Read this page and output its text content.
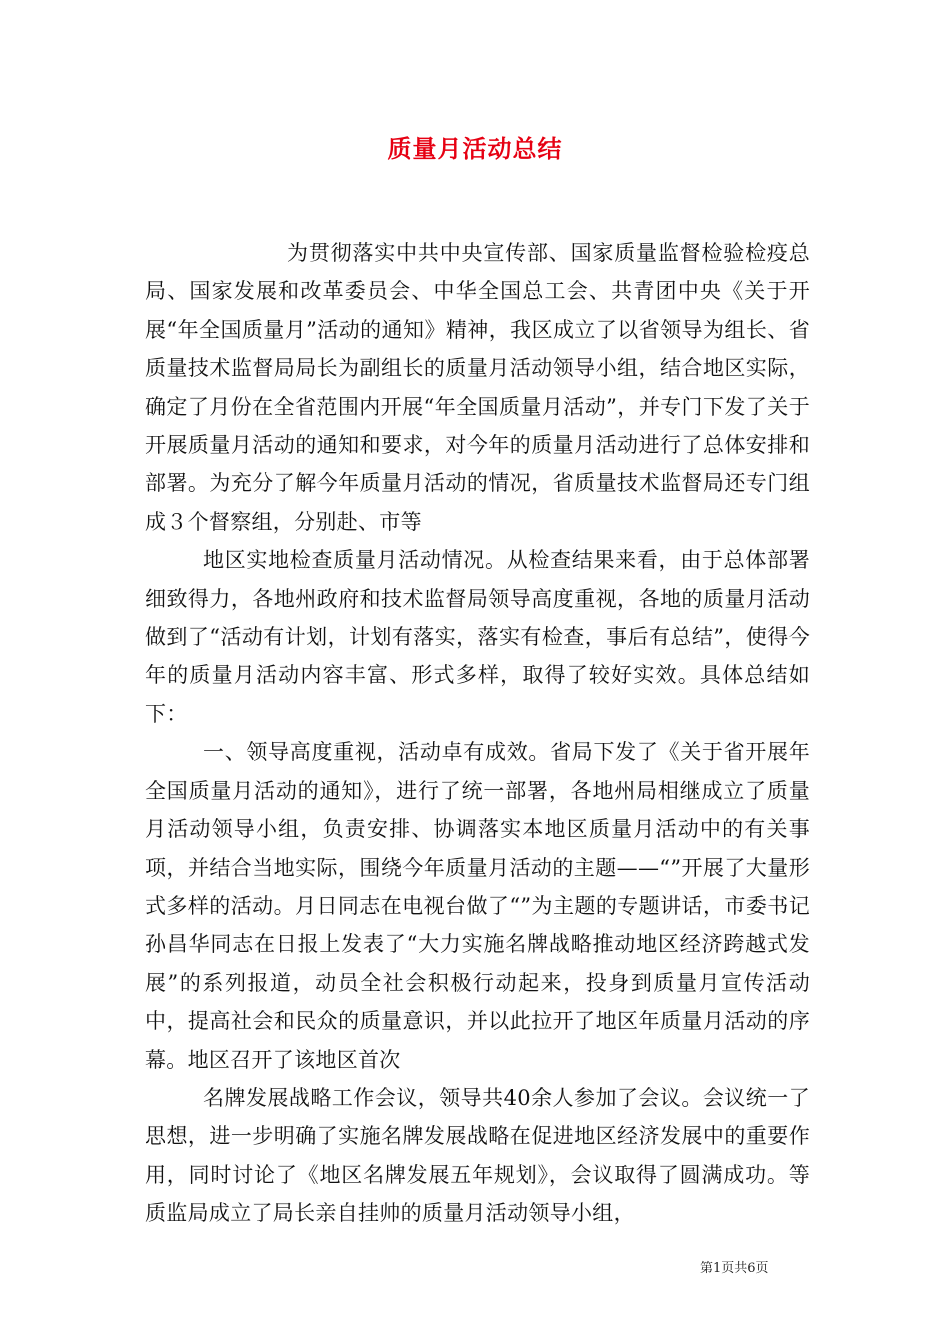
质量月活动总结

为贯彻落实中共中央宣传部、国家质量监督检验检疫总局、国家发展和改革委员会、中华全国总工会、共青团中央《关于开展“年全国质量月”活动的通知》精神，我区成立了以省领导为组长、省质量技术监督局局长为副组长的质量月活动领导小组，结合地区实际，确定了月份在全省范围内开展“年全国质量月活动”，并专门下发了关于开展质量月活动的通知和要求，对今年的质量月活动进行了总体安排和部署。为充分了解今年质量月活动的情况，省质量技术监督局还专门组成３个督察组，分别赴、市等

地区实地检查质量月活动情况。从检查结果来看，由于总体部署细致得力，各地州政府和技术监督局领导高度重视，各地的质量月活动做到了“活动有计划，计划有落实，落实有检查，事后有总结”，使得今年的质量月活动内容丰富、形式多样，取得了较好实效。具体总结如下：

一、领导高度重视，活动卓有成效。省局下发了《关于省开展年全国质量月活动的通知》，进行了统一部署，各地州局相继成立了质量月活动领导小组，负责安排、协调落实本地区质量月活动中的有关事项，并结合当地实际，围绕今年质量月活动的主题——“”开展了大量形式多样的活动。月日同志在电视台做了“”为主题的专题讲话，市委书记孙昌华同志在日报上发表了“大力实施名牌战略推动地区经济跨越式发展”的系列报道，动员全社会积极行动起来，投身到质量月宣传活动中，提高社会和民众的质量意识，并以此拉开了地区年质量月活动的序幕。地区召开了该地区首次

名牌发展战略工作会议，领导共40余人参加了会议。会议统一了思想，进一步明确了实施名牌发展战略在促进地区经济发展中的重要作用，同时讨论了《地区名牌发展五年规划》，会议取得了圆满成功。等质监局成立了局长亲自挂帅的质量月活动领导小组，

第1页共6页
